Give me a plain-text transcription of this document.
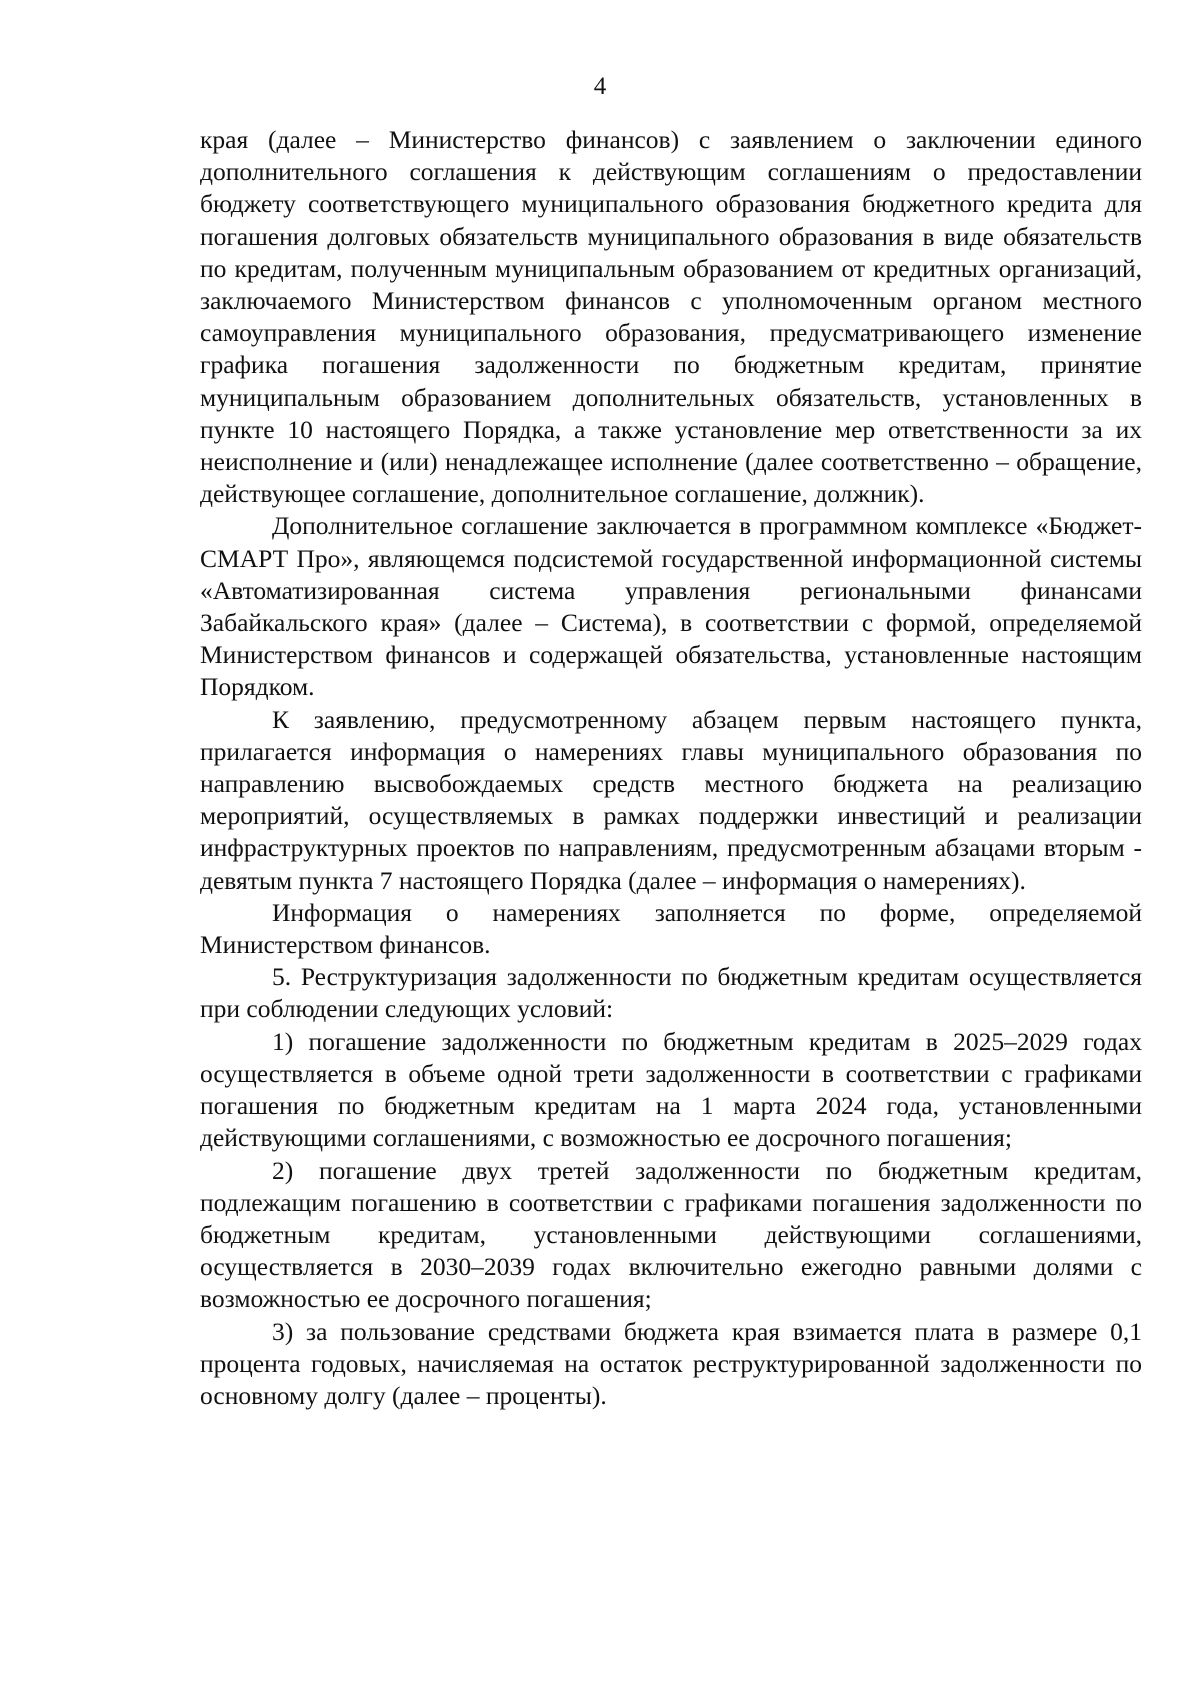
4

края (далее – Министерство финансов) с заявлением о заключении единого дополнительного соглашения к действующим соглашениям о предоставлении бюджету соответствующего муниципального образования бюджетного кредита для погашения долговых обязательств муниципального образования в виде обязательств по кредитам, полученным муниципальным образованием от кредитных организаций, заключаемого Министерством финансов с уполномоченным органом местного самоуправления муниципального образования, предусматривающего изменение графика погашения задолженности по бюджетным кредитам, принятие муниципальным образованием дополнительных обязательств, установленных в пункте 10 настоящего Порядка, а также установление мер ответственности за их неисполнение и (или) ненадлежащее исполнение (далее соответственно – обращение, действующее соглашение, дополнительное соглашение, должник).

Дополнительное соглашение заключается в программном комплексе «Бюджет-СМАРТ Про», являющемся подсистемой государственной информационной системы «Автоматизированная система управления региональными финансами Забайкальского края» (далее – Система), в соответствии с формой, определяемой Министерством финансов и содержащей обязательства, установленные настоящим Порядком.

К заявлению, предусмотренному абзацем первым настоящего пункта, прилагается информация о намерениях главы муниципального образования по направлению высвобождаемых средств местного бюджета на реализацию мероприятий, осуществляемых в рамках поддержки инвестиций и реализации инфраструктурных проектов по направлениям, предусмотренным абзацами вторым - девятым пункта 7 настоящего Порядка (далее – информация о намерениях).

Информация о намерениях заполняется по форме, определяемой Министерством финансов.

5. Реструктуризация задолженности по бюджетным кредитам осуществляется при соблюдении следующих условий:

1) погашение задолженности по бюджетным кредитам в 2025–2029 годах осуществляется в объеме одной трети задолженности в соответствии с графиками погашения по бюджетным кредитам на 1 марта 2024 года, установленными действующими соглашениями, с возможностью ее досрочного погашения;

2) погашение двух третей задолженности по бюджетным кредитам, подлежащим погашению в соответствии с графиками погашения задолженности по бюджетным кредитам, установленными действующими соглашениями, осуществляется в 2030–2039 годах включительно ежегодно равными долями с возможностью ее досрочного погашения;

3) за пользование средствами бюджета края взимается плата в размере 0,1 процента годовых, начисляемая на остаток реструктурированной задолженности по основному долгу (далее – проценты).
